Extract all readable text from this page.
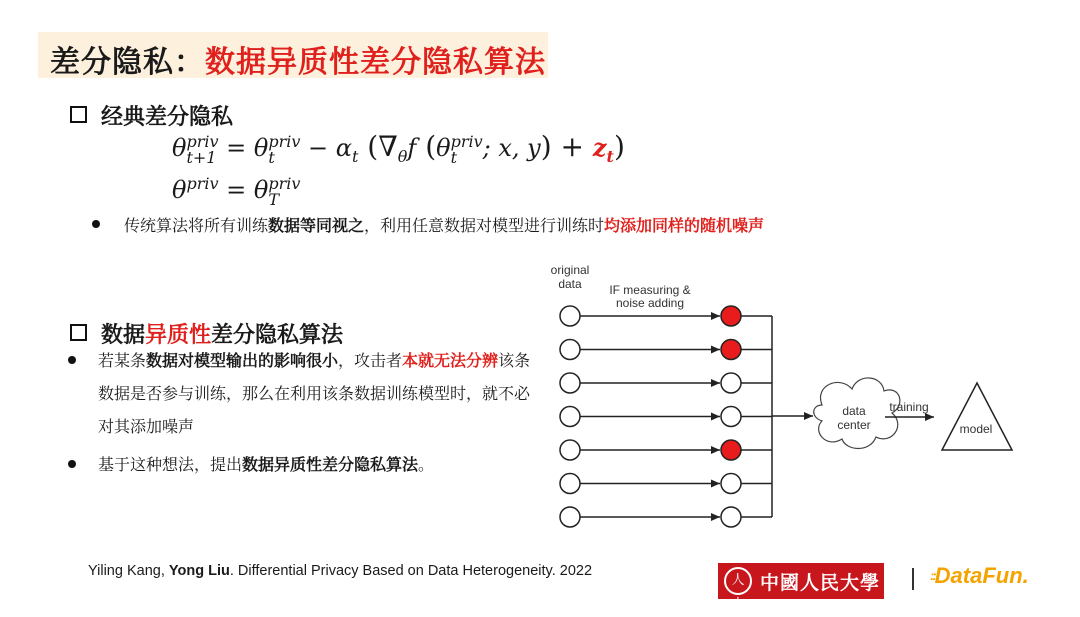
差分隐私：数据异质性差分隐私算法
经典差分隐私
θ priv
t+1 = θ priv
t	− $\alpha_t$ ($\nabla_\theta f$ (θ priv
t	; x, $y) + z_t$)
$\theta^{priv} = \theta$ priv
T
传统算法将所有训练数据等同视之，利用任意数据对模型进行训练时均添加同样的随机噪声
数据异质性差分隐私算法
若某条数据对模型输出的影响很小，攻击者本就无法分辨该条数据是否参与训练，那么在利用该条数据训练模型时，就不必对其添加噪声
基于这种想法，提出数据异质性差分隐私算法。
original
data IF measuring &
noise adding
data
center
training
model
Yiling Kang, Yong Liu. Differential Privacy Based on Data Heterogeneity. 2022
人大
中國人民大學	::DataFun.
